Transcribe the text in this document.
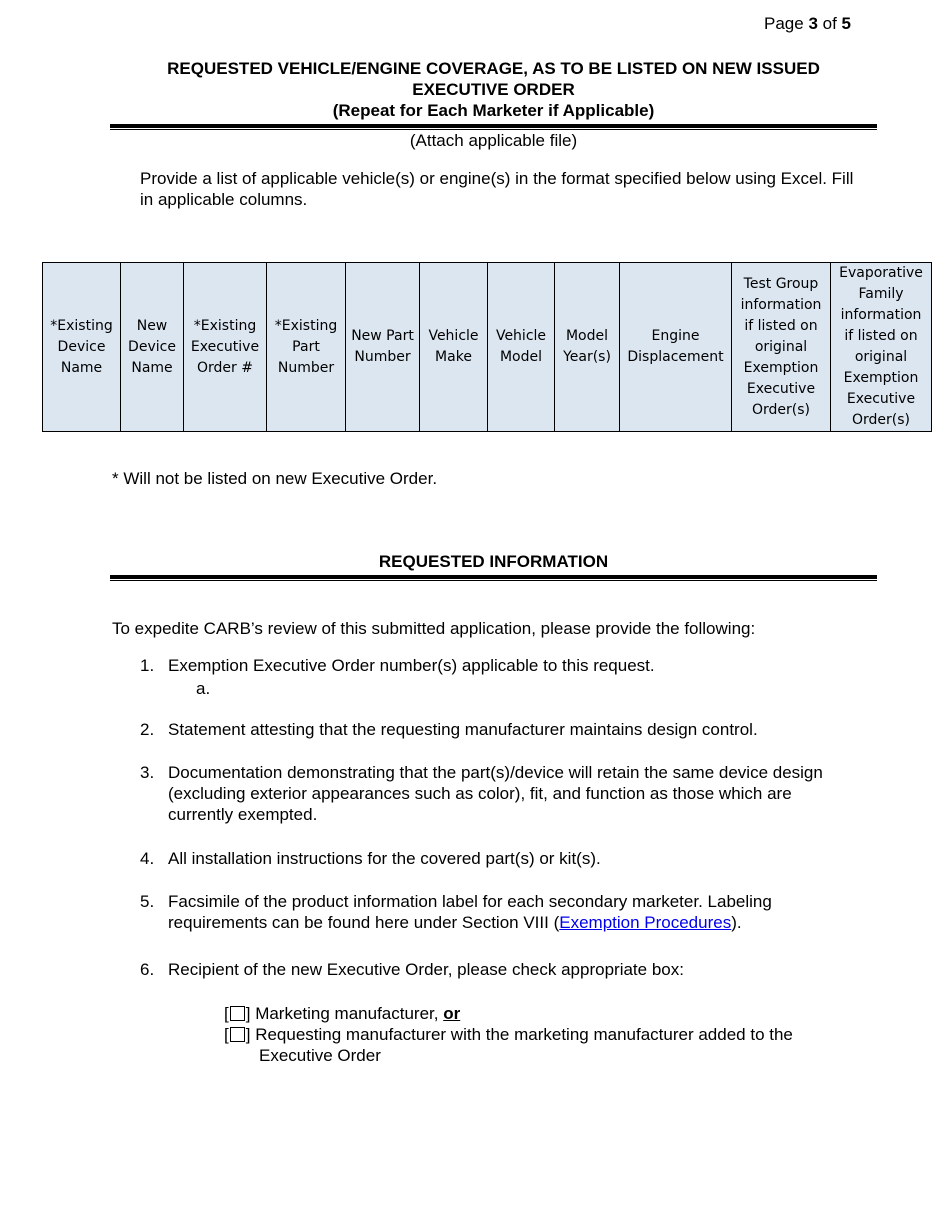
Page 3 of 5

REQUESTED VEHICLE/ENGINE COVERAGE, AS TO BE LISTED ON NEW ISSUED

EXECUTIVE ORDER

(Repeat for Each Marketer if Applicable)

(Attach applicable file)

Provide a list of applicable vehicle(s) or engine(s) in the format specified below using Excel. Fill in applicable columns.

*Existing Device Name	New Device Name	*Existing Executive Order #	*Existing Part Number	New Part Number	Vehicle Make	Vehicle Model	Model Year(s)	Engine Displacement	Test Group information if listed on original Exemption Executive Order(s)	Evaporative Family information if listed on original Exemption Executive Order(s)
* Will not be listed on new Executive Order.
REQUESTED INFORMATION
To expedite CARB’s review of this submitted application, please provide the following:
1. Exemption Executive Order number(s) applicable to this request.
a.
2. Statement attesting that the requesting manufacturer maintains design control.
3. Documentation demonstrating that the part(s)/device will retain the same device design (excluding exterior appearances such as color), fit, and function as those which are currently exempted.
4. All installation instructions for the covered part(s) or kit(s).
5. Facsimile of the product information label for each secondary marketer. Labeling requirements can be found here under Section VIII (Exemption Procedures).
6. Recipient of the new Executive Order, please check appropriate box:
[ ] Marketing manufacturer, or
[ ] Requesting manufacturer with the marketing manufacturer added to the
Executive Order
